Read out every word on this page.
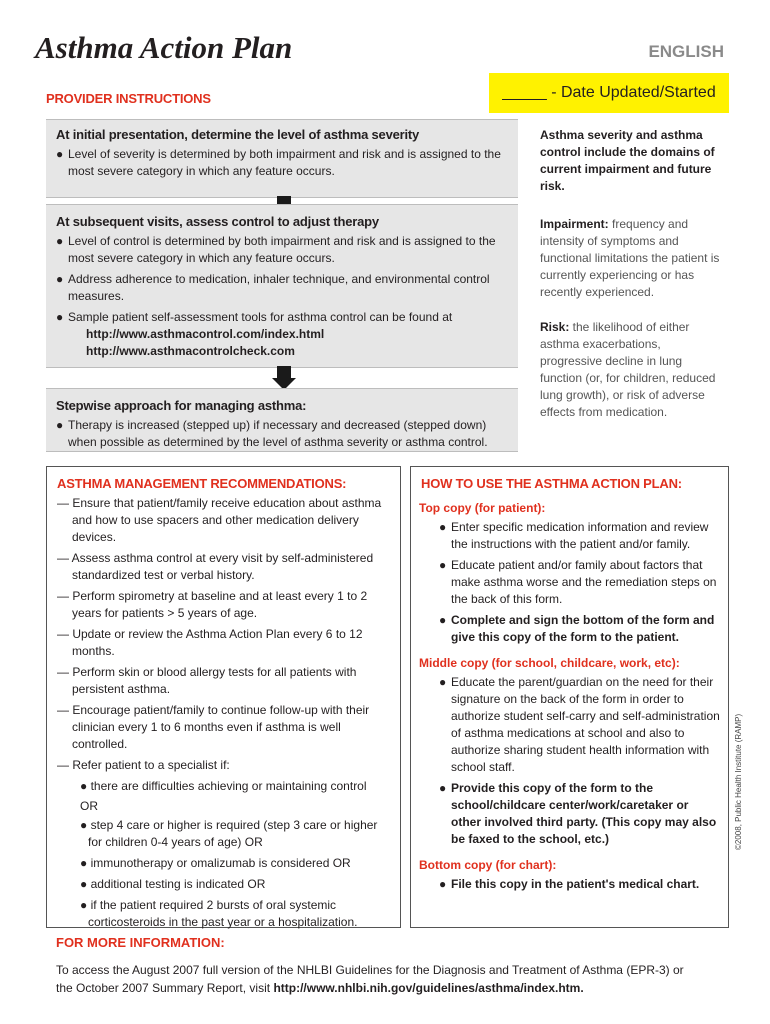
Asthma Action Plan	ENGLISH
_____ - Date Updated/Started
PROVIDER INSTRUCTIONS
At initial presentation, determine the level of asthma severity
● Level of severity is determined by both impairment and risk and is assigned to the most severe category in which any feature occurs.
At subsequent visits, assess control to adjust therapy
● Level of control is determined by both impairment and risk and is assigned to the most severe category in which any feature occurs.
● Address adherence to medication, inhaler technique, and environmental control measures.
● Sample patient self-assessment tools for asthma control can be found at
http://www.asthmacontrol.com/index.html
http://www.asthmacontrolcheck.com
Stepwise approach for managing asthma:
● Therapy is increased (stepped up) if necessary and decreased (stepped down) when possible as determined by the level of asthma severity or asthma control.
Asthma severity and asthma control include the domains of current impairment and future risk.
Impairment: frequency and intensity of symptoms and functional limitations the patient is currently experiencing or has recently experienced.
Risk: the likelihood of either asthma exacerbations, progressive decline in lung function (or, for children, reduced lung growth), or risk of adverse effects from medication.
ASTHMA MANAGEMENT RECOMMENDATIONS:
— Ensure that patient/family receive education about asthma and how to use spacers and other medication delivery devices.
— Assess asthma control at every visit by self-administered standardized test or verbal history.
— Perform spirometry at baseline and at least every 1 to 2 years for patients > 5 years of age.
— Update or review the Asthma Action Plan every 6 to 12 months.
— Perform skin or blood allergy tests for all patients with persistent asthma.
— Encourage patient/family to continue follow-up with their clinician every 1 to 6 months even if asthma is well controlled.
— Refer patient to a specialist if:
● there are difficulties achieving or maintaining control
OR
● step 4 care or higher is required (step 3 care or higher for children 0-4 years of age) OR
● immunotherapy or omalizumab is considered OR
● additional testing is indicated OR
● if the patient required 2 bursts of oral systemic corticosteroids in the past year or a hospitalization.
HOW TO USE THE ASTHMA ACTION PLAN:
Top copy (for patient):
● Enter specific medication information and review the instructions with the patient and/or family.
● Educate patient and/or family about factors that make asthma worse and the remediation steps on the back of this form.
● Complete and sign the bottom of the form and give this copy of the form to the patient.
Middle copy (for school, childcare, work, etc):
● Educate the parent/guardian on the need for their signature on the back of the form in order to authorize student self-carry and self-administration of asthma medications at school and also to authorize sharing student health information with school staff.
● Provide this copy of the form to the school/childcare center/work/caretaker or other involved third party. (This copy may also be faxed to the school, etc.)
Bottom copy (for chart):
● File this copy in the patient's medical chart.
FOR MORE INFORMATION:
To access the August 2007 full version of the NHLBI Guidelines for the Diagnosis and Treatment of Asthma (EPR-3) or the October 2007 Summary Report, visit http://www.nhlbi.nih.gov/guidelines/asthma/index.htm.
©2008, Public Health Institute (RAMP)
